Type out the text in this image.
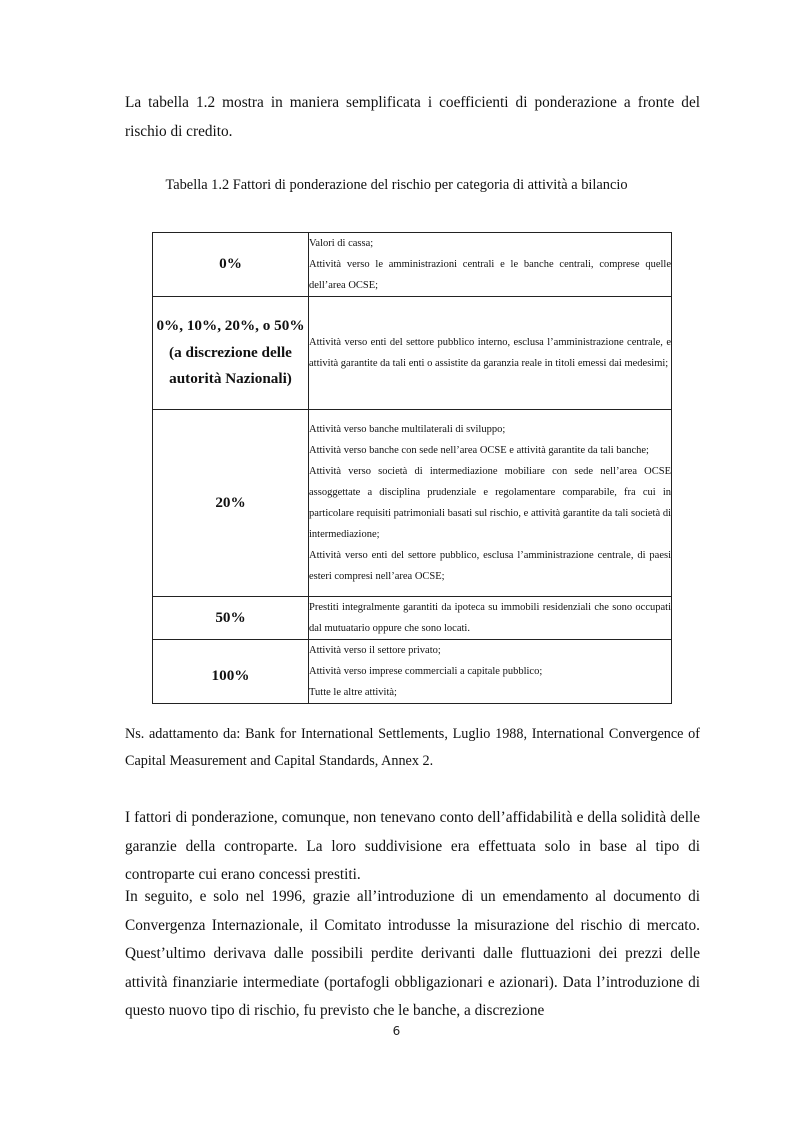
La tabella 1.2 mostra in maniera semplificata i coefficienti di ponderazione a fronte del rischio di credito.

Tabella 1.2 Fattori di ponderazione del rischio per categoria di attività a bilancio

0%	Valori di cassa;
Attività verso le amministrazioni centrali e le banche centrali, comprese quelle dell’area OCSE;

0%, 10%, 20%, o 50% (a discrezione delle autorità Nazionali)	Attività verso enti del settore pubblico interno, esclusa l’amministrazione centrale, e attività garantite da tali enti o assistite da garanzia reale in titoli emessi dai medesimi;

20%	Attività verso banche multilaterali di sviluppo;
Attività verso banche con sede nell’area OCSE e attività garantite da tali banche;
Attività verso società di intermediazione mobiliare con sede nell’area OCSE assoggettate a disciplina prudenziale e regolamentare comparabile, fra cui in particolare requisiti patrimoniali basati sul rischio, e attività garantite da tali società di intermediazione;
Attività verso enti del settore pubblico, esclusa l’amministrazione centrale, di paesi esteri compresi nell’area OCSE;

50%	Prestiti integralmente garantiti da ipoteca su immobili residenziali che sono occupati dal mutuatario oppure che sono locati.

100%	Attività verso il settore privato;
Attività verso imprese commerciali a capitale pubblico;
Tutte le altre attività;

Ns. adattamento da: Bank for International Settlements, Luglio 1988, International Convergence of Capital Measurement and Capital Standards, Annex 2.

I fattori di ponderazione, comunque, non tenevano conto dell’affidabilità e della solidità delle garanzie della controparte. La loro suddivisione era effettuata solo in base al tipo di controparte cui erano concessi prestiti.

In seguito, e solo nel 1996, grazie all’introduzione di un emendamento al documento di Convergenza Internazionale, il Comitato introdusse la misurazione del rischio di mercato. Quest’ultimo derivava dalle possibili perdite derivanti dalle fluttuazioni dei prezzi delle attività finanziarie intermediate (portafogli obbligazionari e azionari). Data l’introduzione di questo nuovo tipo di rischio, fu previsto che le banche, a discrezione

6
